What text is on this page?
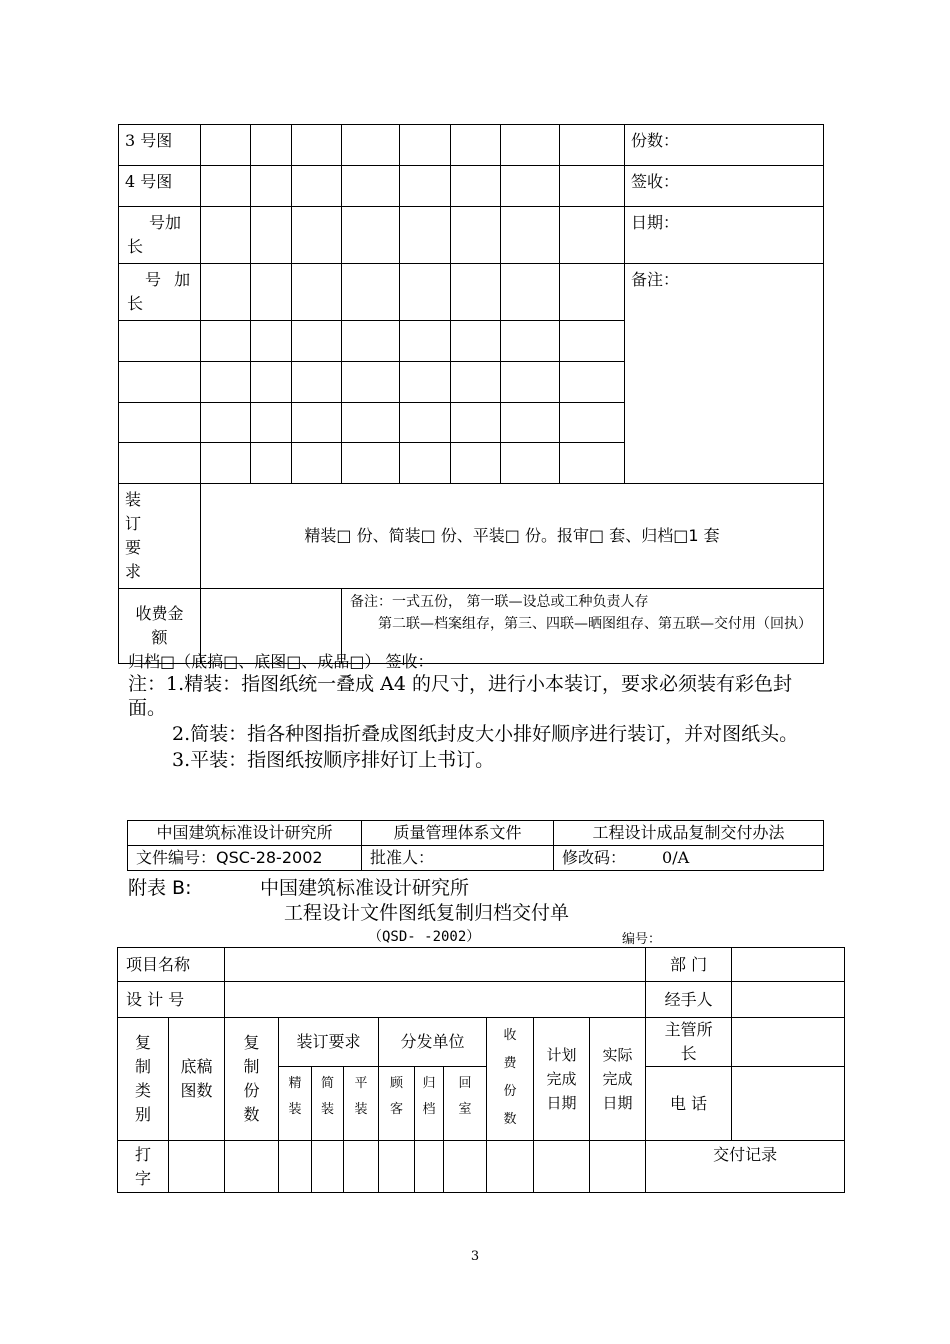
3 号图									份数：
4 号图									签收：

号加长									日期：

号 加长									备注：

装订要求	精装□ 份、简装□ 份、平装□ 份。报审□ 套、归档□1 套								

收费金额				备注：一式五份， 第一联—设总或工种负责人存
第二联—档案组存，第三、四联—晒图组存、第五联—交付用（回执）					
归档□（底搞□、底图□、成品□） 签收：
注：1.精装：指图纸统一叠成 A4 的尺寸，进行小本装订，要求必须装有彩色封面。
2.简装：指各种图指折叠成图纸封皮大小排好顺序进行装订，并对图纸头。
3.平装：指图纸按顺序排好订上书订。
中国建筑标准设计研究所	质量管理体系文件	工程设计成品复制交付办法
文件编号：QSC-28-2002	批准人：	修改码： 0/A
附表 B:	中国建筑标准设计研究所
工程设计文件图纸复制归档交付单
（QSD- -2002）	编号：
项目名称												部 门	
设 计 号												经手人	

复制类别	底稿图数	复制份数	装订要求			分发单位			收费份数	计划完成日期	实际完成日期	主管所长	

			精装	简装	平装	顾客	归档	回室				电 话	

打字												交付记录	
3
